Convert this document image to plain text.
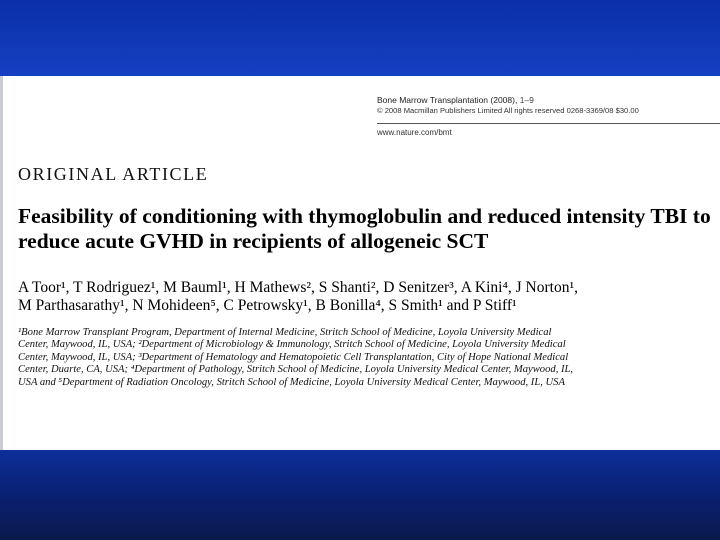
Bone Marrow Transplantation (2008), 1–9
© 2008 Macmillan Publishers Limited All rights reserved 0268-3369/08 $30.00
www.nature.com/bmt
ORIGINAL ARTICLE
Feasibility of conditioning with thymoglobulin and reduced intensity TBI to
reduce acute GVHD in recipients of allogeneic SCT
A Toor¹, T Rodriguez¹, M Bauml¹, H Mathews², S Shanti², D Senitzer³, A Kini⁴, J Norton¹,
M Parthasarathy¹, N Mohideen⁵, C Petrowsky¹, B Bonilla⁴, S Smith¹ and P Stiff¹
¹Bone Marrow Transplant Program, Department of Internal Medicine, Stritch School of Medicine, Loyola University Medical
Center, Maywood, IL, USA; ²Department of Microbiology & Immunology, Stritch School of Medicine, Loyola University Medical
Center, Maywood, IL, USA; ³Department of Hematology and Hematopoietic Cell Transplantation, City of Hope National Medical
Center, Duarte, CA, USA; ⁴Department of Pathology, Stritch School of Medicine, Loyola University Medical Center, Maywood, IL,
USA and ⁵Department of Radiation Oncology, Stritch School of Medicine, Loyola University Medical Center, Maywood, IL, USA
